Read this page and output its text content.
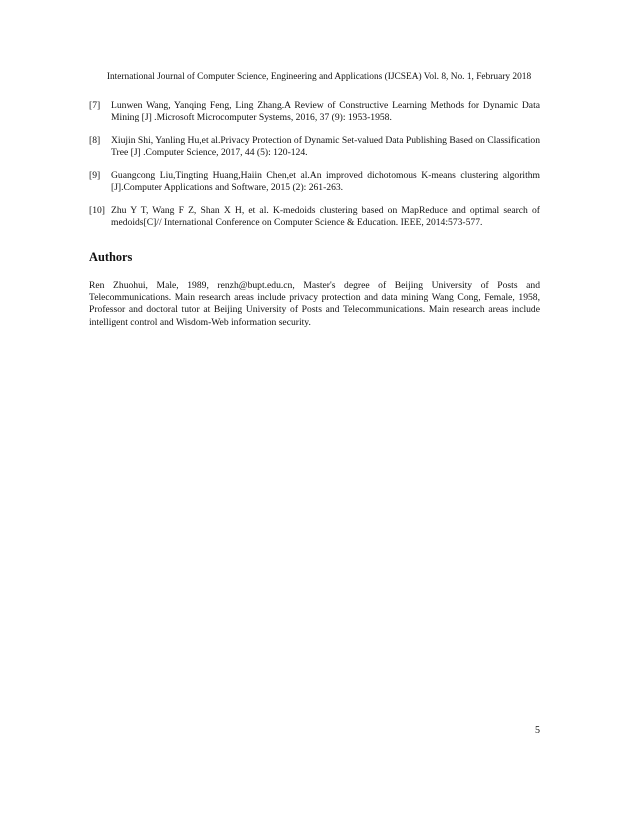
International Journal of Computer Science, Engineering and Applications (IJCSEA) Vol. 8, No. 1, February 2018
[7]	Lunwen Wang, Yanqing Feng, Ling Zhang.A Review of Constructive Learning Methods for Dynamic Data Mining [J] .Microsoft Microcomputer Systems, 2016, 37 (9): 1953-1958.
[8]	Xiujin Shi, Yanling Hu,et al.Privacy Protection of Dynamic Set-valued Data Publishing Based on Classification Tree [J] .Computer Science, 2017, 44 (5): 120-124.
[9]	Guangcong Liu,Tingting Huang,Haiin Chen,et al.An improved dichotomous K-means clustering algorithm [J].Computer Applications and Software, 2015 (2): 261-263.
[10] Zhu Y T, Wang F Z, Shan X H, et al. K-medoids clustering based on MapReduce and optimal search of medoids[C]// International Conference on Computer Science & Education. IEEE, 2014:573-577.
Authors
Ren Zhuohui, Male, 1989, renzh@bupt.edu.cn, Master's degree of Beijing University of Posts and Telecommunications. Main research areas include privacy protection and data mining Wang Cong, Female, 1958, Professor and doctoral tutor at Beijing University of Posts and Telecommunications. Main research areas include intelligent control and Wisdom-Web information security.
5
